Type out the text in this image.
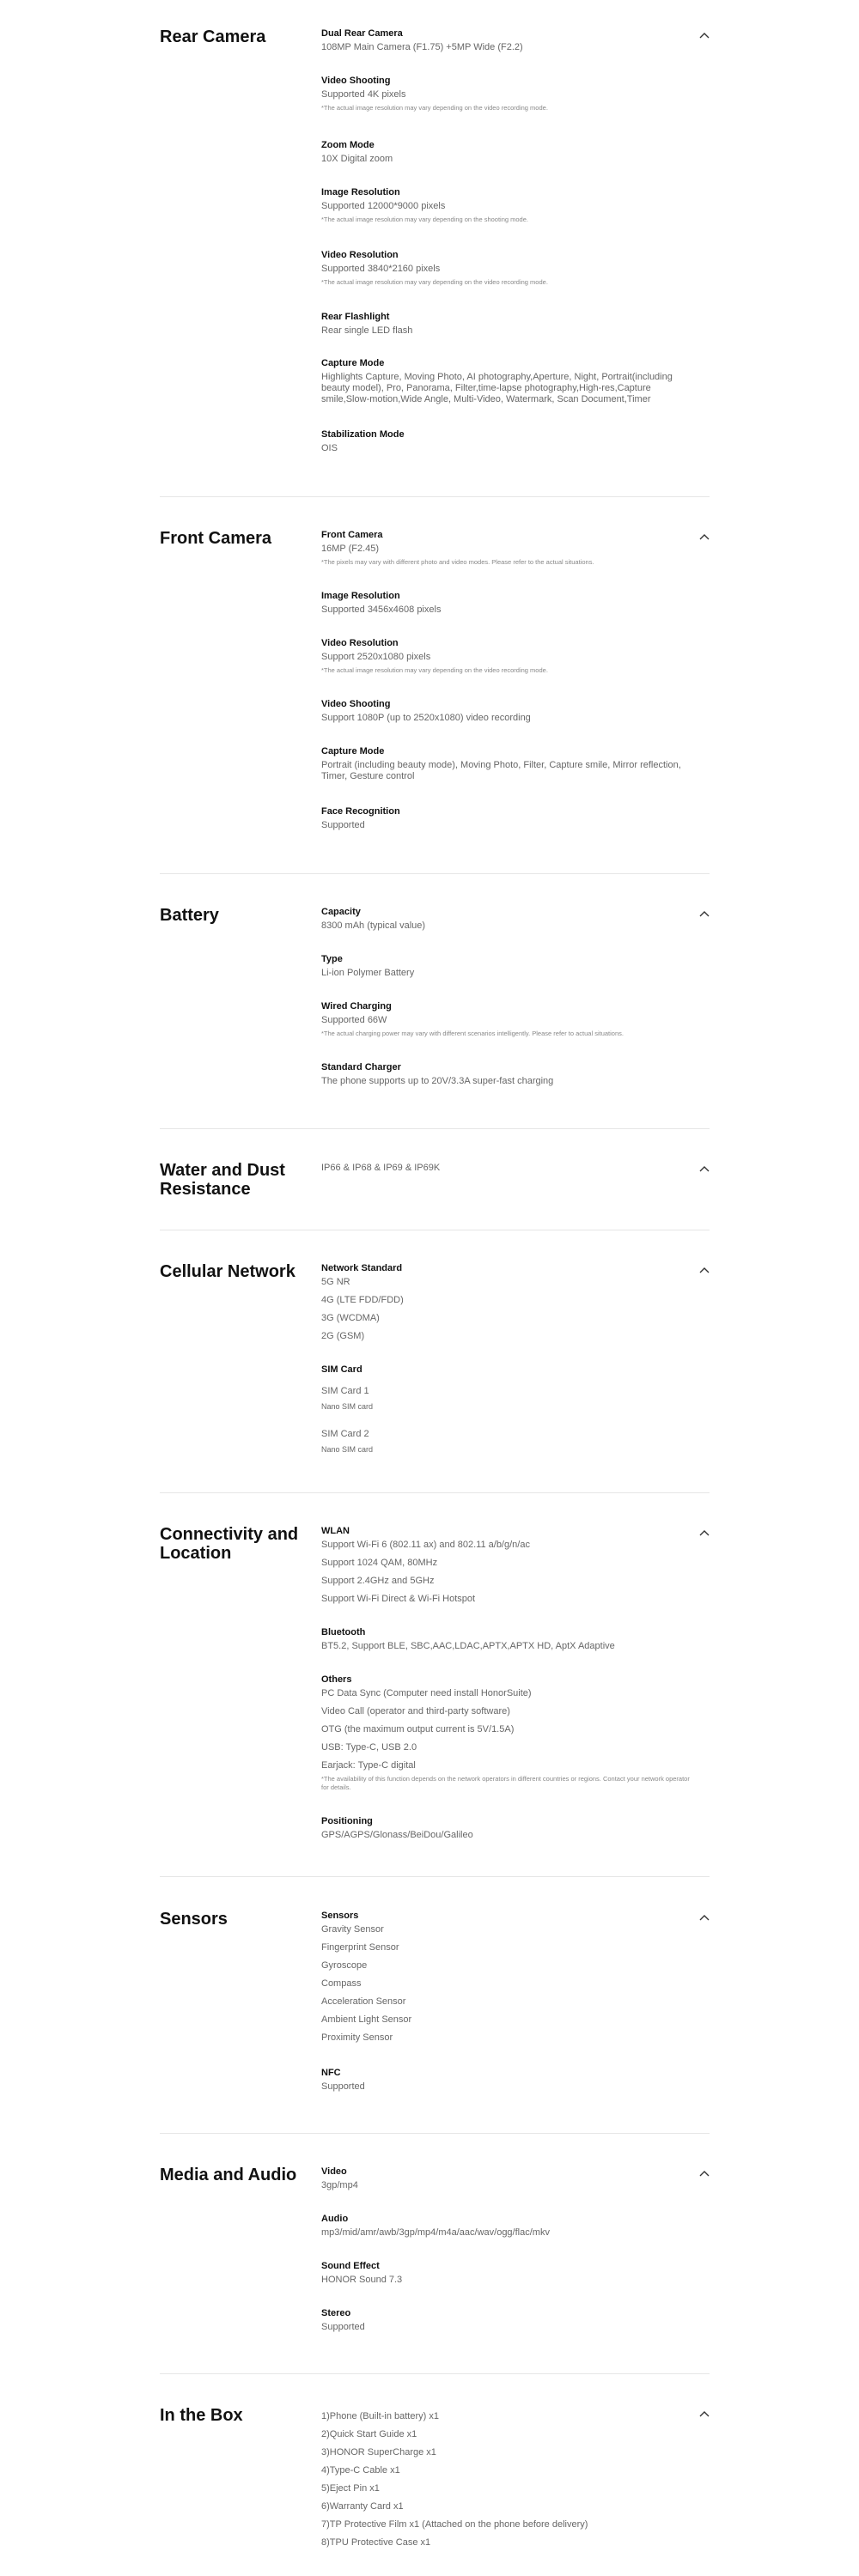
Rear Camera	Dual Rear Camera
108MP Main Camera (F1.75) +5MP Wide (F2.2)
Video Shooting
Supported 4K pixels
*The actual image resolution may vary depending on the video recording mode.
Zoom Mode
10X Digital zoom
Image Resolution
Supported 12000*9000 pixels
*The actual image resolution may vary depending on the shooting mode.
Video Resolution
Supported 3840*2160 pixels
*The actual image resolution may vary depending on the video recording mode.
Rear Flashlight
Rear single LED flash
Capture Mode
Highlights Capture, Moving Photo, AI photography,Aperture, Night, Portrait(including beauty model), Pro, Panorama, Filter,time-lapse photography,High-res,Capture smile,Slow-motion,Wide Angle, Multi-Video, Watermark, Scan Document,Timer
Stabilization Mode
OIS
Front Camera	Front Camera
16MP (F2.45)
*The pixels may vary with different photo and video modes. Please refer to the actual situations.
Image Resolution
Supported 3456x4608 pixels
Video Resolution
Support 2520x1080 pixels
*The actual image resolution may vary depending on the video recording mode.
Video Shooting
Support 1080P (up to 2520x1080) video recording
Capture Mode
Portrait (including beauty mode), Moving Photo, Filter, Capture smile, Mirror reflection, Timer, Gesture control
Face Recognition
Supported
Battery	Capacity
8300 mAh (typical value)
Type
Li-ion Polymer Battery
Wired Charging
Supported 66W
*The actual charging power may vary with different scenarios intelligently. Please refer to actual situations.
Standard Charger
The phone supports up to 20V/3.3A super-fast charging
Water and Dust Resistance
IP66 & IP68 & IP69 & IP69K
Cellular Network	Network Standard
5G NR
4G (LTE FDD/FDD)
3G (WCDMA)
2G (GSM)
SIM Card
SIM Card 1
Nano SIM card
SIM Card 2
Nano SIM card
Connectivity and Location
WLAN
Support Wi-Fi 6 (802.11 ax) and 802.11 a/b/g/n/ac
Support 1024 QAM, 80MHz
Support 2.4GHz and 5GHz
Support Wi-Fi Direct & Wi-Fi Hotspot
Bluetooth
BT5.2, Support BLE, SBC,AAC,LDAC,APTX,APTX HD, AptX Adaptive
Others
PC Data Sync (Computer need install HonorSuite)
Video Call (operator and third-party software)
OTG (the maximum output current is 5V/1.5A)
USB: Type-C, USB 2.0
Earjack: Type-C digital
*The availability of this function depends on the network operators in different countries or regions. Contact your network operator for details.
Positioning
GPS/AGPS/Glonass/BeiDou/Galileo
Sensors	Sensors
Gravity Sensor
Fingerprint Sensor
Gyroscope
Compass
Acceleration Sensor
Ambient Light Sensor
Proximity Sensor
NFC
Supported
Media and Audio	Video
3gp/mp4
Audio
mp3/mid/amr/awb/3gp/mp4/m4a/aac/wav/ogg/flac/mkv
Sound Effect
HONOR Sound 7.3
Stereo
Supported
In the Box	1)Phone (Built-in battery) x1
2)Quick Start Guide x1
3)HONOR SuperCharge x1
4)Type-C Cable x1
5)Eject Pin x1
6)Warranty Card x1
7)TP Protective Film x1 (Attached on the phone before delivery)
8)TPU Protective Case x1
